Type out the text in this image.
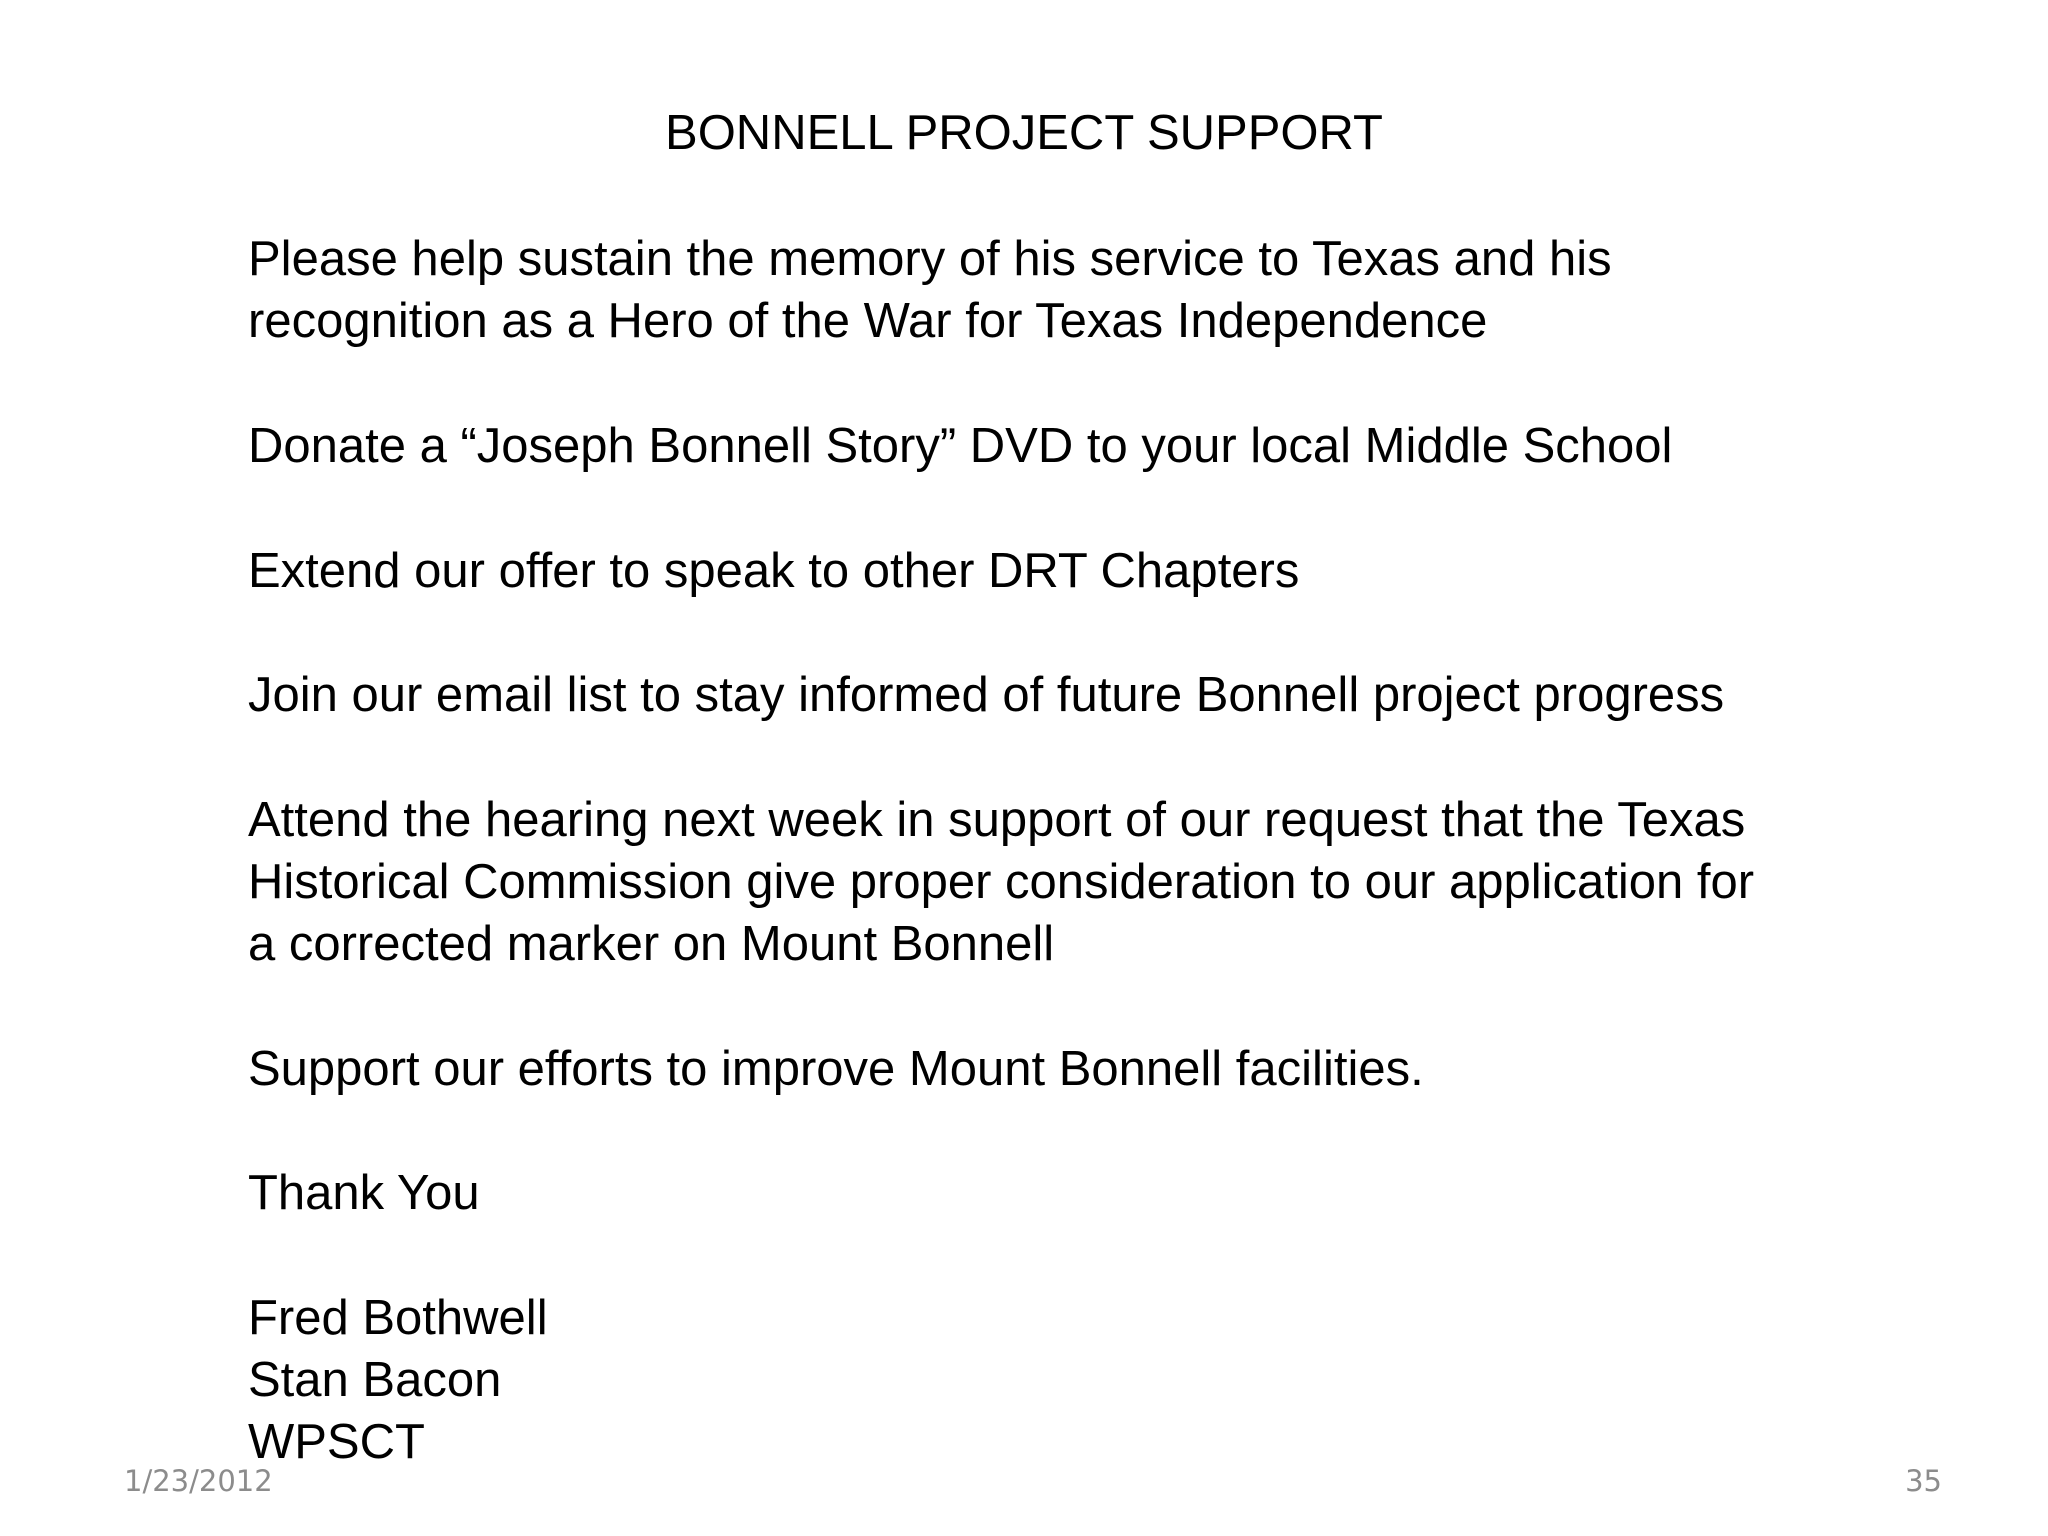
BONNELL PROJECT SUPPORT

Please help sustain the memory of his service to Texas and his

recognition as a Hero of the War for Texas Independence

Donate a “Joseph Bonnell Story” DVD to your local Middle School

Extend our offer to speak to other DRT Chapters

Join our email list to stay informed of future Bonnell project progress

Attend the hearing next week in support of our request that the Texas

Historical Commission give proper consideration to our application for

a corrected marker on Mount Bonnell

Support our efforts to improve Mount Bonnell facilities.

Thank You

Fred Bothwell

Stan Bacon

WPSCT

1/23/2012	35
